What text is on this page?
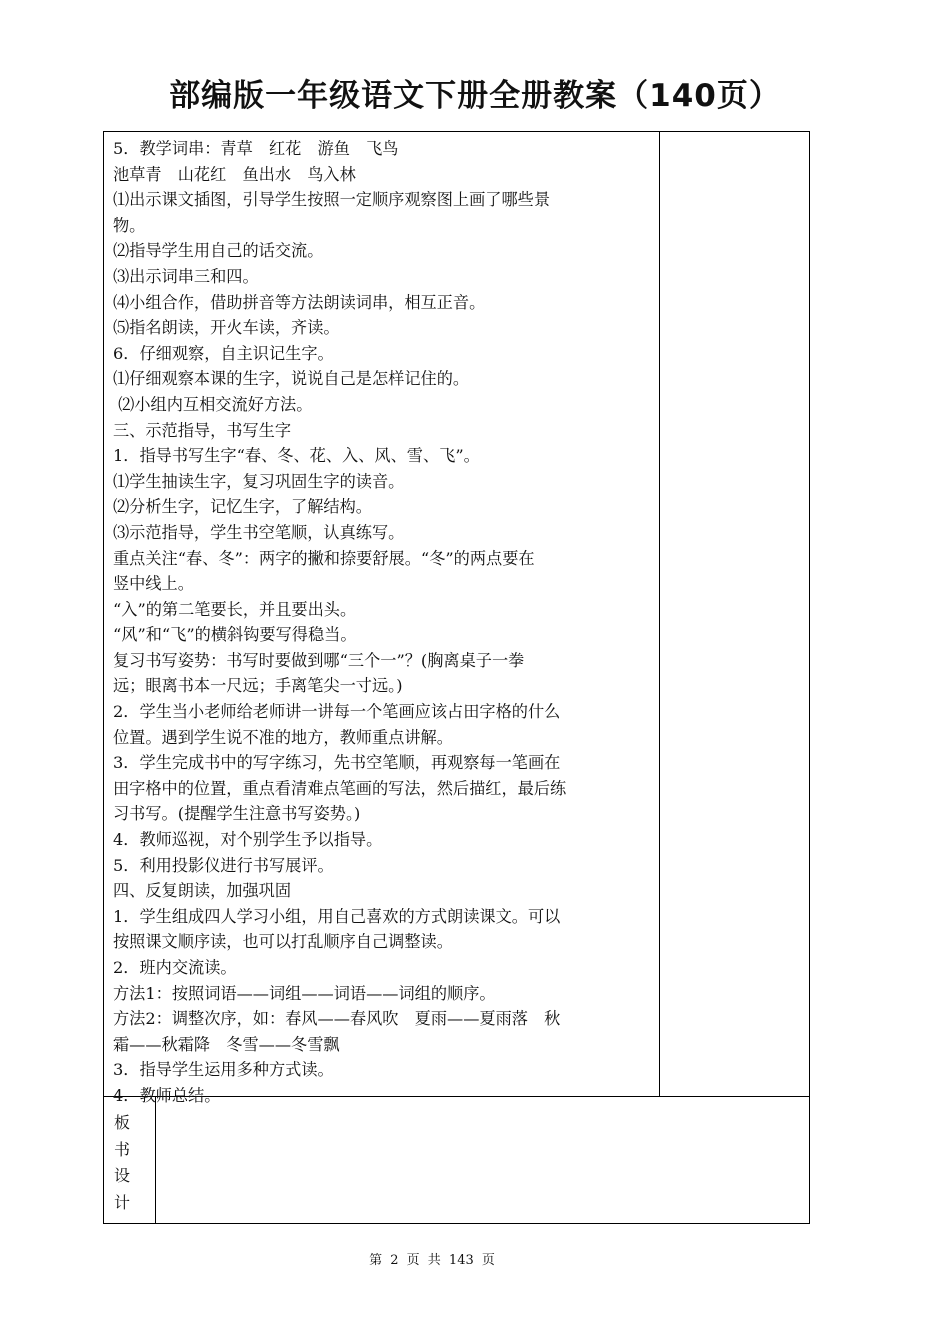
部编版一年级语文下册全册教案（140页）
5．教学词串：青草　红花　游鱼　飞鸟
池草青　山花红　鱼出水　鸟入林
⑴出示课文插图，引导学生按照一定顺序观察图上画了哪些景
物。
⑵指导学生用自己的话交流。
⑶出示词串三和四。
⑷小组合作，借助拼音等方法朗读词串，相互正音。
⑸指名朗读，开火车读，齐读。
6．仔细观察，自主识记生字。
⑴仔细观察本课的生字，说说自己是怎样记住的。
⑵小组内互相交流好方法。
三、示范指导，书写生字
1．指导书写生字“春、冬、花、入、风、雪、飞”。
⑴学生抽读生字，复习巩固生字的读音。
⑵分析生字，记忆生字，了解结构。
⑶示范指导，学生书空笔顺，认真练写。
重点关注“春、冬”：两字的撇和捺要舒展。“冬”的两点要在
竖中线上。
“入”的第二笔要长，并且要出头。
“风”和“飞”的横斜钩要写得稳当。
复习书写姿势：书写时要做到哪“三个一”？(胸离桌子一拳
远；眼离书本一尺远；手离笔尖一寸远。)
2．学生当小老师给老师讲一讲每一个笔画应该占田字格的什么
位置。遇到学生说不准的地方，教师重点讲解。
3．学生完成书中的写字练习，先书空笔顺，再观察每一笔画在
田字格中的位置，重点看清难点笔画的写法，然后描红，最后练
习书写。(提醒学生注意书写姿势。)
4．教师巡视，对个别学生予以指导。
5．利用投影仪进行书写展评。
四、反复朗读，加强巩固
1．学生组成四人学习小组，用自己喜欢的方式朗读课文。可以
按照课文顺序读，也可以打乱顺序自己调整读。
2．班内交流读。
方法1：按照词语——词组——词语——词组的顺序。
方法2：调整次序，如：春风——春风吹　夏雨——夏雨落　秋
霜——秋霜降　冬雪——冬雪飘
3．指导学生运用多种方式读。
4．教师总结。
板
书
设
计
第 2 页 共 143 页
